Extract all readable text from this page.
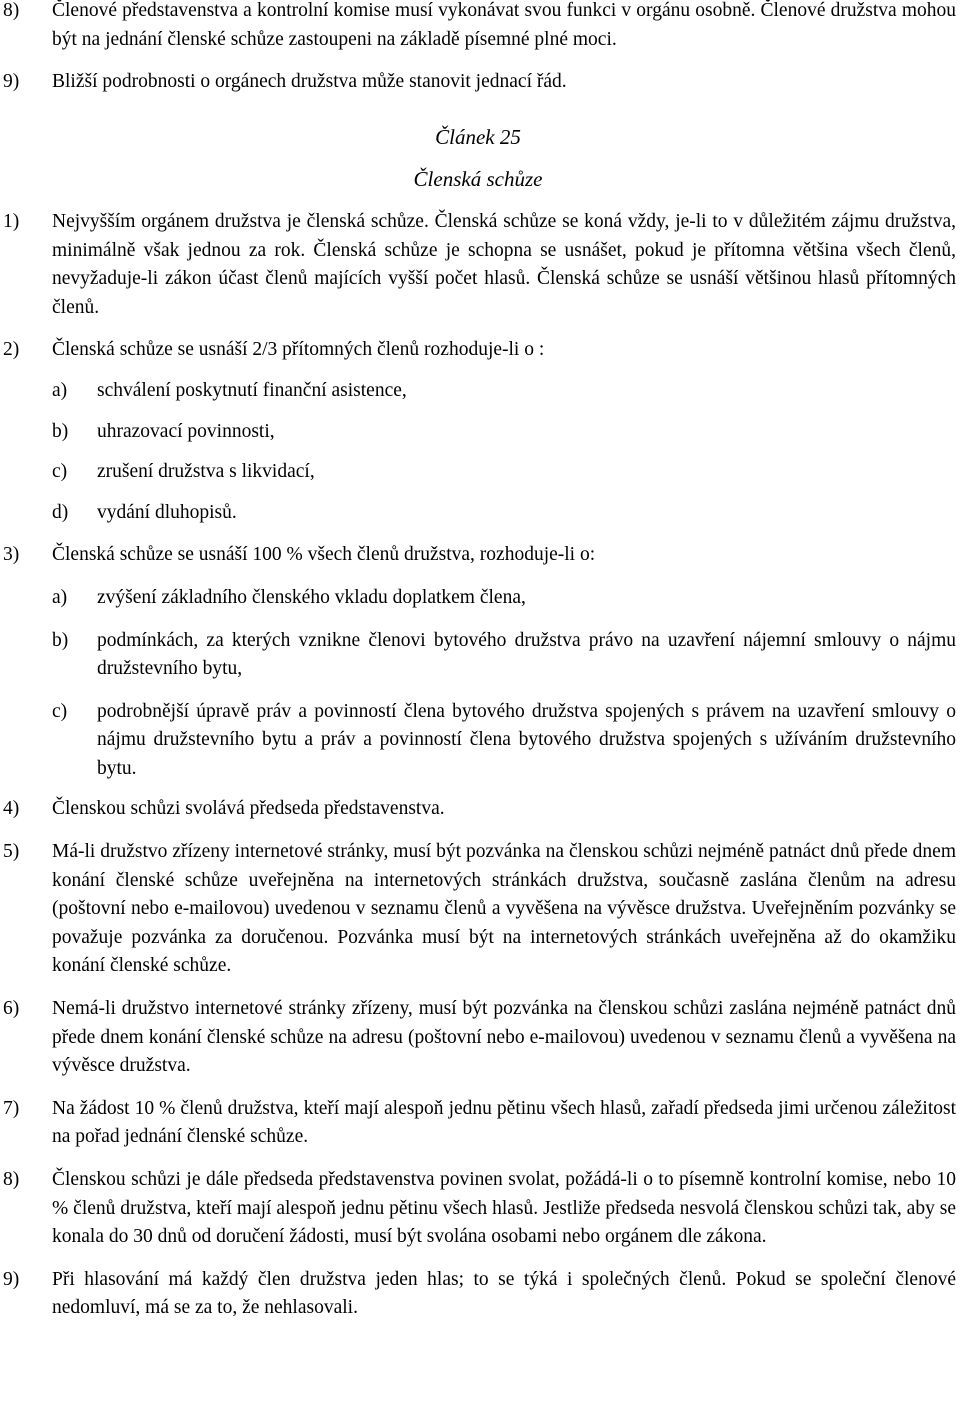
8)	Členové představenstva a kontrolní komise musí vykonávat svou funkci v orgánu osobně. Členové družstva mohou být na jednání členské schůze zastoupeni na základě písemné plné moci.
9)	Bližší podrobnosti o orgánech družstva může stanovit jednací řád.
Článek 25
Členská schůze
1)	Nejvyšším orgánem družstva je členská schůze. Členská schůze se koná vždy, je-li to v důležitém zájmu družstva, minimálně však jednou za rok. Členská schůze je schopna se usnášet, pokud je přítomna většina všech členů, nevyžaduje-li zákon účast členů majících vyšší počet hlasů. Členská schůze se usnáší většinou hlasů přítomných členů.
2)	Členská schůze se usnáší 2/3 přítomných členů rozhoduje-li o :
a)	schválení poskytnutí finanční asistence,
b)	uhrazovací povinnosti,
c)	zrušení družstva s likvidací,
d)	vydání dluhopisů.
3)	Členská schůze se usnáší 100 % všech členů družstva, rozhoduje-li o:
a)	zvýšení základního členského vkladu doplatkem člena,
b)	podmínkách, za kterých vznikne členovi bytového družstva právo na uzavření nájemní smlouvy o nájmu družstevního bytu,
c)	podrobnější úpravě práv a povinností člena bytového družstva spojených s právem na uzavření smlouvy o nájmu družstevního bytu a práv a povinností člena bytového družstva spojených s užíváním družstevního bytu.
4)	Členskou schůzi svolává předseda představenstva.
5)	Má-li družstvo zřízeny internetové stránky, musí být pozvánka na členskou schůzi nejméně patnáct dnů přede dnem konání členské schůze uveřejněna na internetových stránkách družstva, současně zaslána členům na adresu (poštovní nebo e-mailovou) uvedenou v seznamu členů a vyvěšena na vývěsce družstva. Uveřejněním pozvánky se považuje pozvánka za doručenou. Pozvánka musí být na internetových stránkách uveřejněna až do okamžiku konání členské schůze.
6)	Nemá-li družstvo internetové stránky zřízeny, musí být pozvánka na členskou schůzi zaslána nejméně patnáct dnů přede dnem konání členské schůze na adresu (poštovní nebo e-mailovou) uvedenou v seznamu členů a vyvěšena na vývěsce družstva.
7)	Na žádost 10 % členů družstva, kteří mají alespoň jednu pětinu všech hlasů, zařadí předseda jimi určenou záležitost na pořad jednání členské schůze.
8)	Členskou schůzi je dále předseda představenstva povinen svolat, požádá-li o to písemně kontrolní komise, nebo 10 % členů družstva, kteří mají alespoň jednu pětinu všech hlasů. Jestliže předseda nesvolá členskou schůzi tak, aby se konala do 30 dnů od doručení žádosti, musí být svolána osobami nebo orgánem dle zákona.
9)	Při hlasování má každý člen družstva jeden hlas; to se týká i společných členů. Pokud se společní členové nedomluví, má se za to, že nehlasovali.
